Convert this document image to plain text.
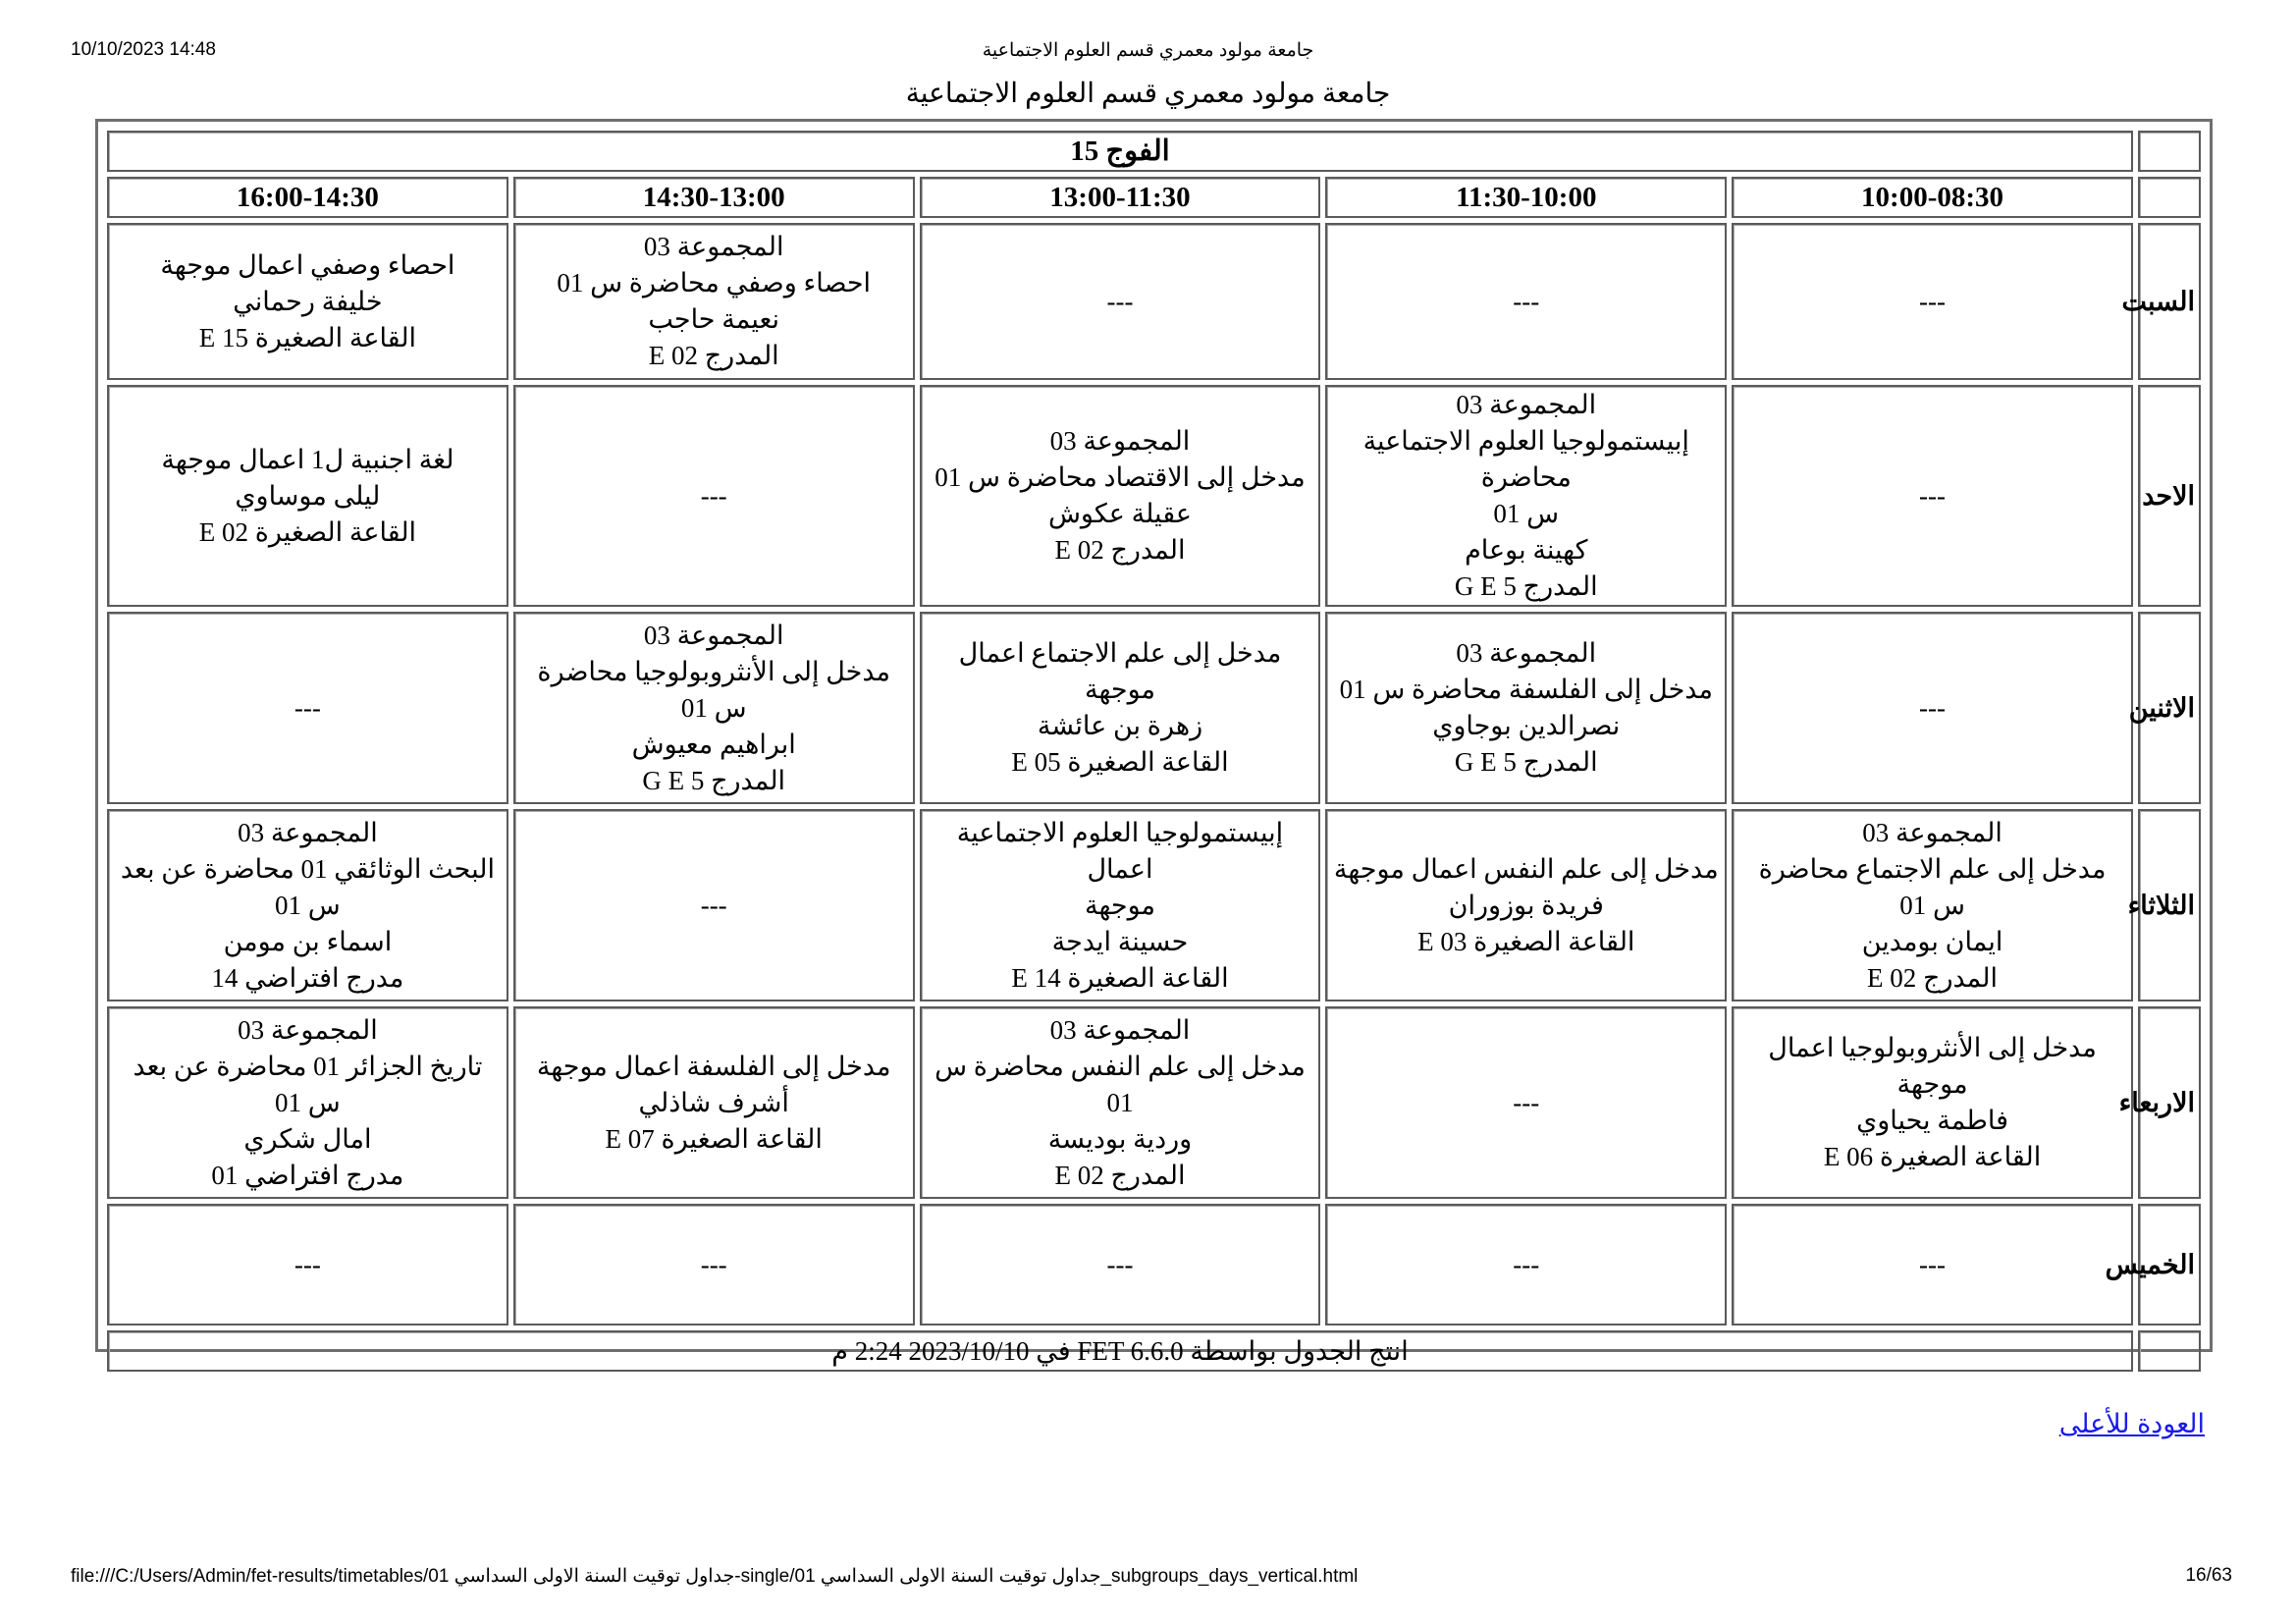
10/10/2023 14:48	جامعة مولود معمري قسم العلوم الاجتماعية
جامعة مولود معمري قسم العلوم الاجتماعية
	الفوج 15				
	10:00-08:30	11:30-10:00	13:00-11:30	14:30-13:00	16:00-14:30
السبت	---	---	---	المجموعة 03
احصاء وصفي محاضرة س 01
نعيمة حاجب
المدرج E 02	احصاء وصفي اعمال موجهة
خليفة رحماني
القاعة الصغيرة E 15

الاحد	---	المجموعة 03
إبيستمولوجيا العلوم الاجتماعية محاضرة
س 01
كهينة بوعام
المدرج G E 5	المجموعة 03
مدخل إلى الاقتصاد محاضرة س 01
عقيلة عكوش
المدرج E 02	---	لغة اجنبية ل1 اعمال موجهة
ليلى موساوي
القاعة الصغيرة E 02

الاثنين	---	المجموعة 03
مدخل إلى الفلسفة محاضرة س 01
نصرالدين بوجاوي
المدرج G E 5	مدخل إلى علم الاجتماع اعمال موجهة
زهرة بن عائشة
القاعة الصغيرة E 05	المجموعة 03
مدخل إلى الأنثروبولوجيا محاضرة
س 01
ابراهيم معيوش
المدرج G E 5	---

الثلاثاء	المجموعة 03
مدخل إلى علم الاجتماع محاضرة
س 01
ايمان بومدين
المدرج E 02	مدخل إلى علم النفس اعمال موجهة
فريدة بوزوران
القاعة الصغيرة E 03	إبيستمولوجيا العلوم الاجتماعية اعمال
موجهة
حسينة ايدجة
القاعة الصغيرة E 14	---	المجموعة 03
البحث الوثائقي 01 محاضرة عن بعد
س 01
اسماء بن مومن
مدرج افتراضي 14

الاربعاء	مدخل إلى الأنثروبولوجيا اعمال
موجهة
فاطمة يحياوي
القاعة الصغيرة E 06	---	المجموعة 03
مدخل إلى علم النفس محاضرة س 01
وردية بوديسة
المدرج E 02	مدخل إلى الفلسفة اعمال موجهة
أشرف شاذلي
القاعة الصغيرة E 07	المجموعة 03
تاريخ الجزائر 01 محاضرة عن بعد
س 01
امال شكري
مدرج افتراضي 01

الخميس	---	---	---	---	---

	انتج الجدول بواسطة FET 6.6.0 في 2023/10/10 2:24 م				
العودة للأعلى
file:///C:/Users/Admin/fet-results/timetables/01 جداول توقيت السنة الاولى السداسي-single/01 جداول توقيت السنة الاولى السداسي_subgroups_days_vertical.html	16/63
